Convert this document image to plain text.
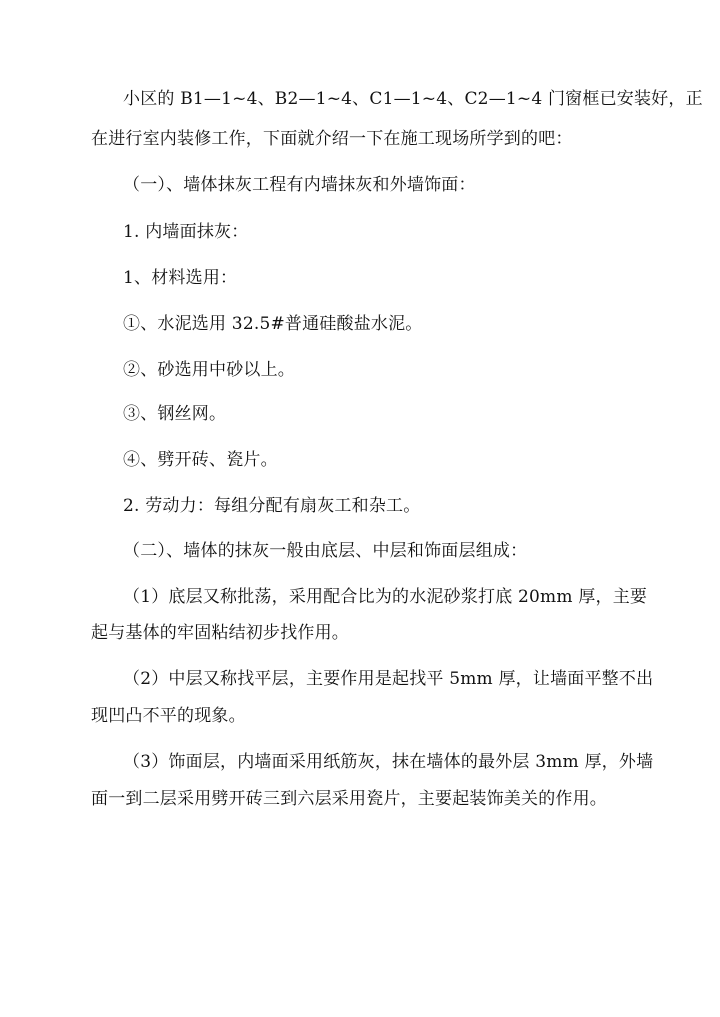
小区的 B1—1~4、B2—1~4、C1—1~4、C2—1~4 门窗框已安装好，正
在进行室内装修工作，下面就介绍一下在施工现场所学到的吧：
（一）、墙体抹灰工程有内墙抹灰和外墙饰面：
1. 内墙面抹灰：
1、材料选用：
①、水泥选用 32.5#普通硅酸盐水泥。
②、砂选用中砂以上。
③、钢丝网。
④、劈开砖、瓷片。
2. 劳动力：每组分配有扇灰工和杂工。
（二）、墙体的抹灰一般由底层、中层和饰面层组成：
（1）底层又称批荡，采用配合比为的水泥砂浆打底 20mm 厚，主要
起与基体的牢固粘结初步找作用。
（2）中层又称找平层，主要作用是起找平 5mm 厚，让墙面平整不出
现凹凸不平的现象。
（3）饰面层，内墙面采用纸筋灰，抹在墙体的最外层 3mm 厚，外墙
面一到二层采用劈开砖三到六层采用瓷片，主要起装饰美关的作用。
